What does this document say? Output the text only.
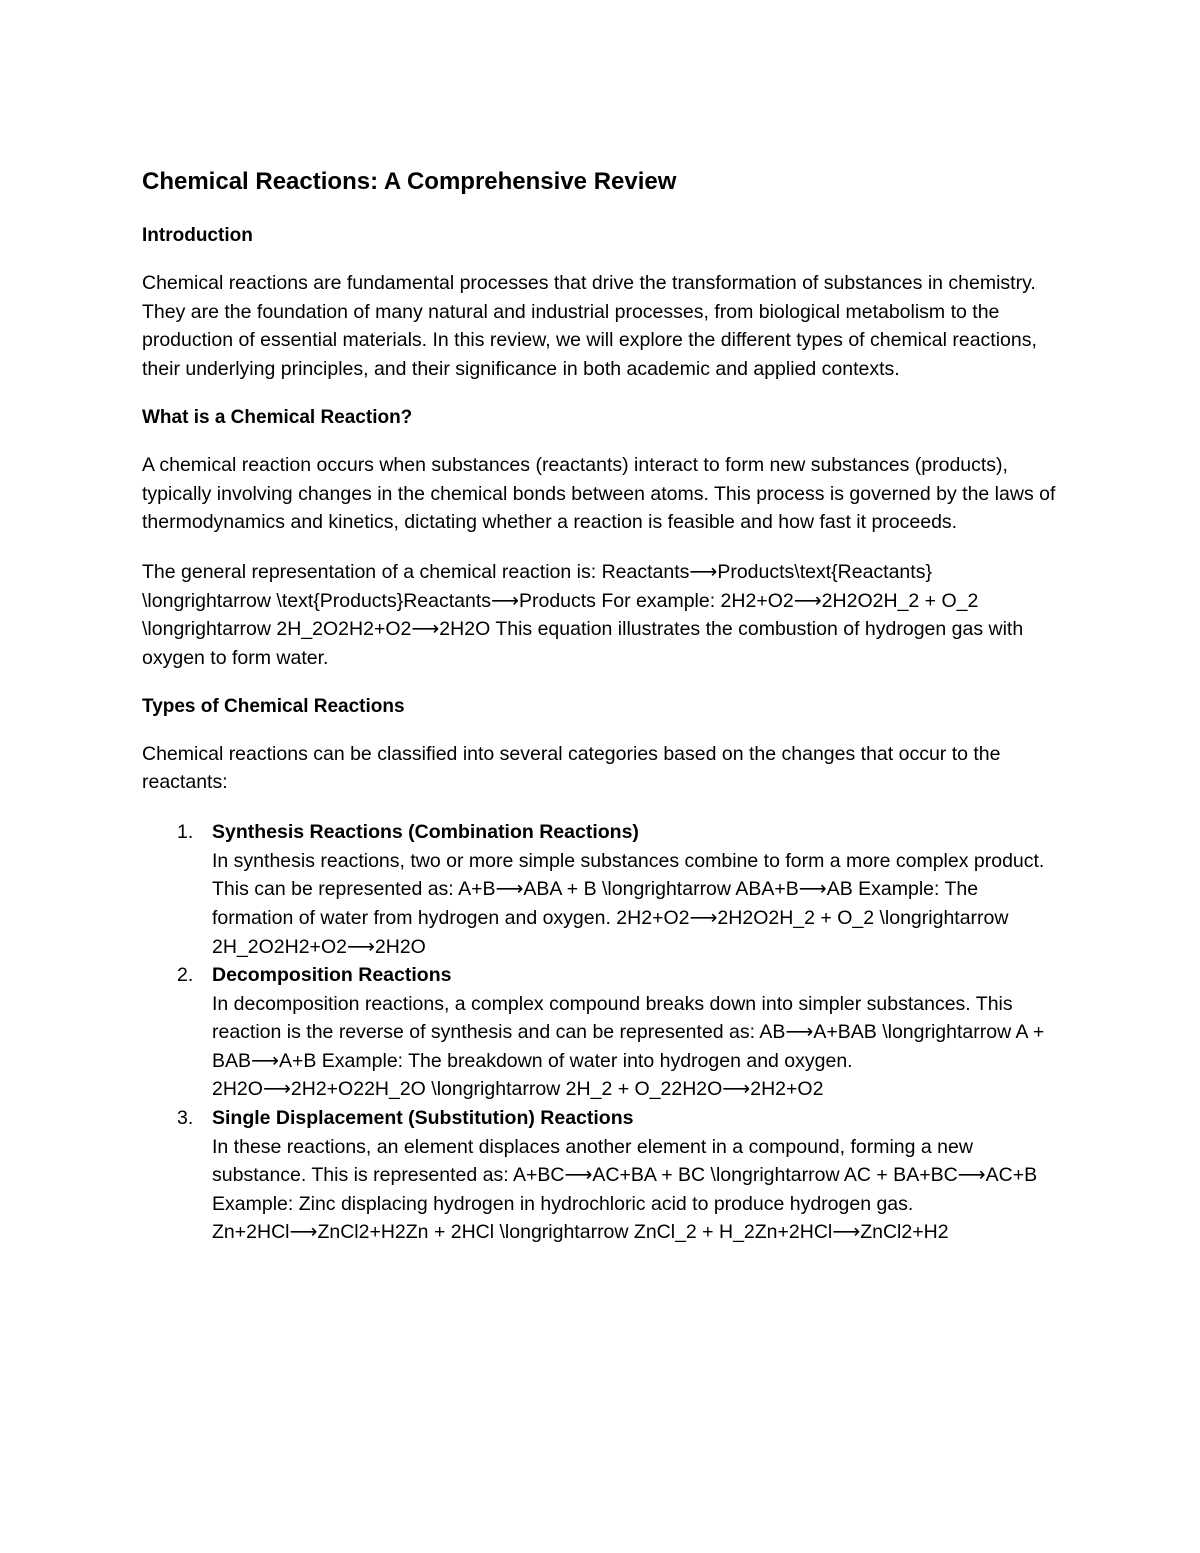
Chemical Reactions: A Comprehensive Review
Introduction

Chemical reactions are fundamental processes that drive the transformation of substances in chemistry. They are the foundation of many natural and industrial processes, from biological metabolism to the production of essential materials. In this review, we will explore the different types of chemical reactions, their underlying principles, and their significance in both academic and applied contexts.

What is a Chemical Reaction?

A chemical reaction occurs when substances (reactants) interact to form new substances (products), typically involving changes in the chemical bonds between atoms. This process is governed by the laws of thermodynamics and kinetics, dictating whether a reaction is feasible and how fast it proceeds.

The general representation of a chemical reaction is: Reactants⟶Products\text{Reactants} \longrightarrow \text{Products}Reactants⟶Products For example: 2H2+O2⟶2H2O2H_2 + O_2 \longrightarrow 2H_2O2H2+O2⟶2H2O This equation illustrates the combustion of hydrogen gas with oxygen to form water.

Types of Chemical Reactions

Chemical reactions can be classified into several categories based on the changes that occur to the reactants:

1. Synthesis Reactions (Combination Reactions)
In synthesis reactions, two or more simple substances combine to form a more complex product. This can be represented as: A+B⟶ABA + B \longrightarrow ABA+B⟶AB Example: The formation of water from hydrogen and oxygen. 2H2+O2⟶2H2O2H_2 + O_2 \longrightarrow 2H_2O2H2+O2⟶2H2O
2. Decomposition Reactions
In decomposition reactions, a complex compound breaks down into simpler substances. This reaction is the reverse of synthesis and can be represented as: AB⟶A+BAB \longrightarrow A + BAB⟶A+B Example: The breakdown of water into hydrogen and oxygen. 2H2O⟶2H2+O22H_2O \longrightarrow 2H_2 + O_22H2O⟶2H2+O2
3. Single Displacement (Substitution) Reactions
In these reactions, an element displaces another element in a compound, forming a new substance. This is represented as: A+BC⟶AC+BA + BC \longrightarrow AC + BA+BC⟶AC+B Example: Zinc displacing hydrogen in hydrochloric acid to produce hydrogen gas. Zn+2HCl⟶ZnCl2+H2Zn + 2HCl \longrightarrow ZnCl_2 + H_2Zn+2HCl⟶ZnCl2+H2
